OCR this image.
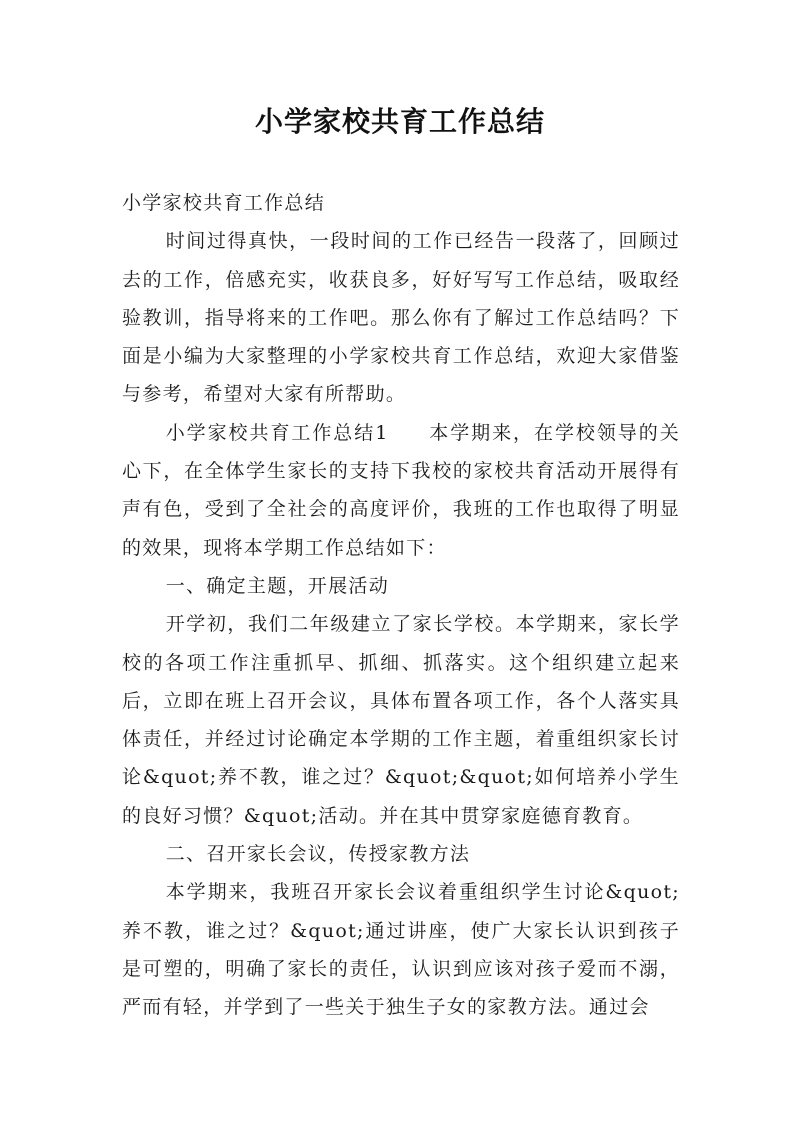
小学家校共育工作总结

小学家校共育工作总结

时间过得真快，一段时间的工作已经告一段落了，回顾过去的工作，倍感充实，收获良多，好好写写工作总结，吸取经验教训，指导将来的工作吧。那么你有了解过工作总结吗？下面是小编为大家整理的小学家校共育工作总结，欢迎大家借鉴与参考，希望对大家有所帮助。

小学家校共育工作总结1 本学期来，在学校领导的关心下，在全体学生家长的支持下我校的家校共育活动开展得有声有色，受到了全社会的高度评价，我班的工作也取得了明显的效果，现将本学期工作总结如下：

一、确定主题，开展活动

开学初，我们二年级建立了家长学校。本学期来，家长学校的各项工作注重抓早、抓细、抓落实。这个组织建立起来后，立即在班上召开会议，具体布置各项工作，各个人落实具体责任，并经过讨论确定本学期的工作主题，着重组织家长讨论&quot;养不教，谁之过？&quot;&quot;如何培养小学生的良好习惯？&quot;活动。并在其中贯穿家庭德育教育。

二、召开家长会议，传授家教方法

本学期来，我班召开家长会议着重组织学生讨论&quot;养不教，谁之过？&quot;通过讲座，使广大家长认识到孩子是可塑的，明确了家长的责任，认识到应该对孩子爱而不溺，严而有轻，并学到了一些关于独生子女的家教方法。通过会
